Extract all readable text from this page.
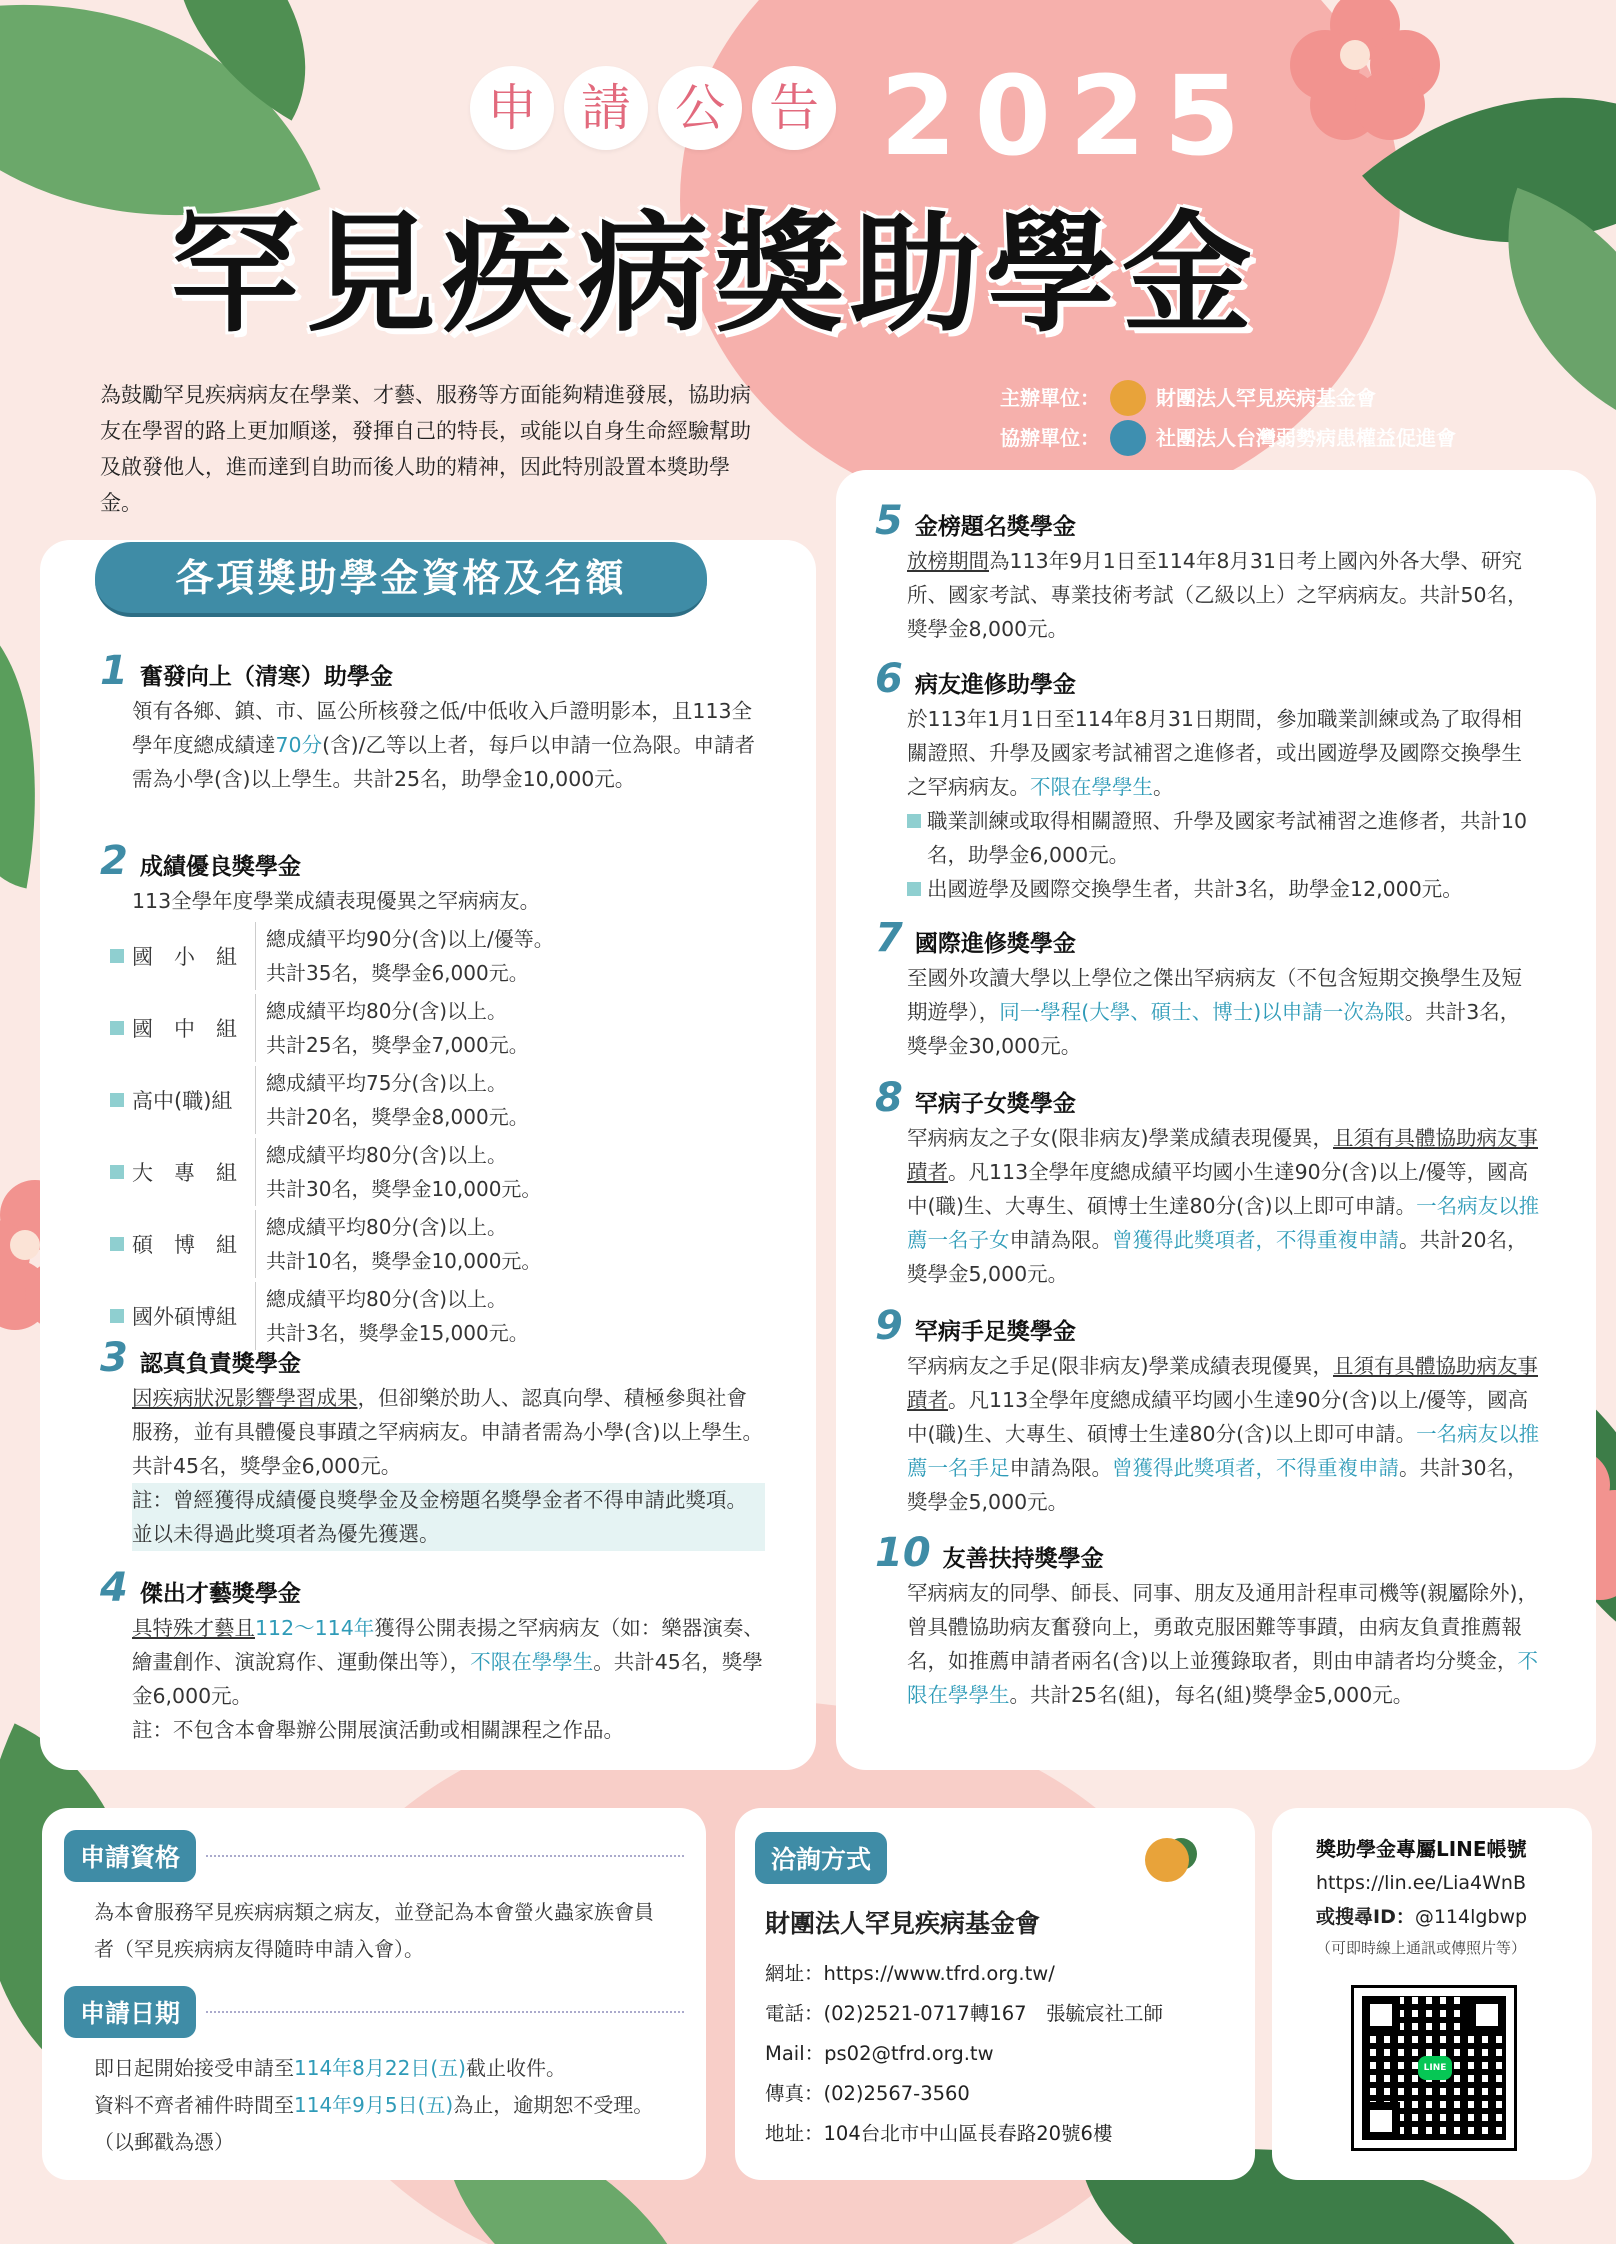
申 請 公 告 2025
罕見疾病獎助學金
為鼓勵罕見疾病病友在學業、才藝、服務等方面能夠精進發展，協助病友在學習的路上更加順遂，發揮自己的特長，或能以自身生命經驗幫助及啟發他人，進而達到自助而後人助的精神，因此特別設置本獎助學金。
主辦單位：	財團法人罕見疾病基金會
協辦單位：	社團法人台灣弱勢病患權益促進會
各項獎助學金資格及名額
1 奮發向上（清寒）助學金
領有各鄉、鎮、市、區公所核發之低/中低收入戶證明影本，且113全學年度總成績達70分(含)/乙等以上者，每戶以申請一位為限。申請者需為小學(含)以上學生。共計25名，助學金10,000元。
2 成績優良獎學金
113全學年度學業成績表現優異之罕病病友。
國　小　組
總成績平均90分(含)以上/優等。
共計35名，獎學金6,000元。
國　中　組
總成績平均80分(含)以上。
共計25名，獎學金7,000元。
高中(職)組
總成績平均75分(含)以上。
共計20名，獎學金8,000元。
大　專　組
總成績平均80分(含)以上。
共計30名，獎學金10,000元。
碩　博　組
總成績平均80分(含)以上。
共計10名，獎學金10,000元。
國外碩博組
總成績平均80分(含)以上。
共計3名，獎學金15,000元。
3 認真負責獎學金
因疾病狀況影響學習成果，但卻樂於助人、認真向學、積極參與社會服務，並有具體優良事蹟之罕病病友。申請者需為小學(含)以上學生。共計45名，獎學金6,000元。
註：曾經獲得成績優良獎學金及金榜題名獎學金者不得申請此獎項。並以未得過此獎項者為優先獲選。
4 傑出才藝獎學金
具特殊才藝且112～114年獲得公開表揚之罕病病友（如：樂器演奏、繪畫創作、演說寫作、運動傑出等），不限在學學生。共計45名，獎學金6,000元。
註：不包含本會舉辦公開展演活動或相關課程之作品。
5 金榜題名獎學金
放榜期間為113年9月1日至114年8月31日考上國內外各大學、研究所、國家考試、專業技術考試（乙級以上）之罕病病友。共計50名，獎學金8,000元。
6 病友進修助學金
於113年1月1日至114年8月31日期間，參加職業訓練或為了取得相關證照、升學及國家考試補習之進修者，或出國遊學及國際交換學生之罕病病友。不限在學學生。
職業訓練或取得相關證照、升學及國家考試補習之進修者，共計10名，助學金6,000元。
出國遊學及國際交換學生者，共計3名，助學金12,000元。
7 國際進修獎學金
至國外攻讀大學以上學位之傑出罕病病友（不包含短期交換學生及短期遊學），同一學程(大學、碩士、博士)以申請一次為限。共計3名，獎學金30,000元。
8 罕病子女獎學金
罕病病友之子女(限非病友)學業成績表現優異，且須有具體協助病友事蹟者。凡113全學年度總成績平均國小生達90分(含)以上/優等，國高中(職)生、大專生、碩博士生達80分(含)以上即可申請。一名病友以推薦一名子女申請為限。曾獲得此獎項者，不得重複申請。共計20名，獎學金5,000元。
9 罕病手足獎學金
罕病病友之手足(限非病友)學業成績表現優異，且須有具體協助病友事蹟者。凡113全學年度總成績平均國小生達90分(含)以上/優等，國高中(職)生、大專生、碩博士生達80分(含)以上即可申請。一名病友以推薦一名手足申請為限。曾獲得此獎項者，不得重複申請。共計30名，獎學金5,000元。
10 友善扶持獎學金
罕病病友的同學、師長、同事、朋友及通用計程車司機等(親屬除外)，曾具體協助病友奮發向上，勇敢克服困難等事蹟，由病友負責推薦報名，如推薦申請者兩名(含)以上並獲錄取者，則由申請者均分獎金，不限在學學生。共計25名(組)，每名(組)獎學金5,000元。
申請資格
為本會服務罕見疾病病類之病友，並登記為本會螢火蟲家族會員者（罕見疾病病友得隨時申請入會）。
申請日期
即日起開始接受申請至114年8月22日(五)截止收件。
資料不齊者補件時間至114年9月5日(五)為止，逾期恕不受理。（以郵戳為憑）
洽詢方式
財團法人罕見疾病基金會
網址：https://www.tfrd.org.tw/
電話：(02)2521-0717轉167　張毓宸社工師
Mail：ps02@tfrd.org.tw
傳真：(02)2567-3560
地址：104台北市中山區長春路20號6樓
獎助學金專屬LINE帳號
https://lin.ee/Lia4WnB
或搜尋ID：@114lgbwp
（可即時線上通訊或傳照片等）
LINE
